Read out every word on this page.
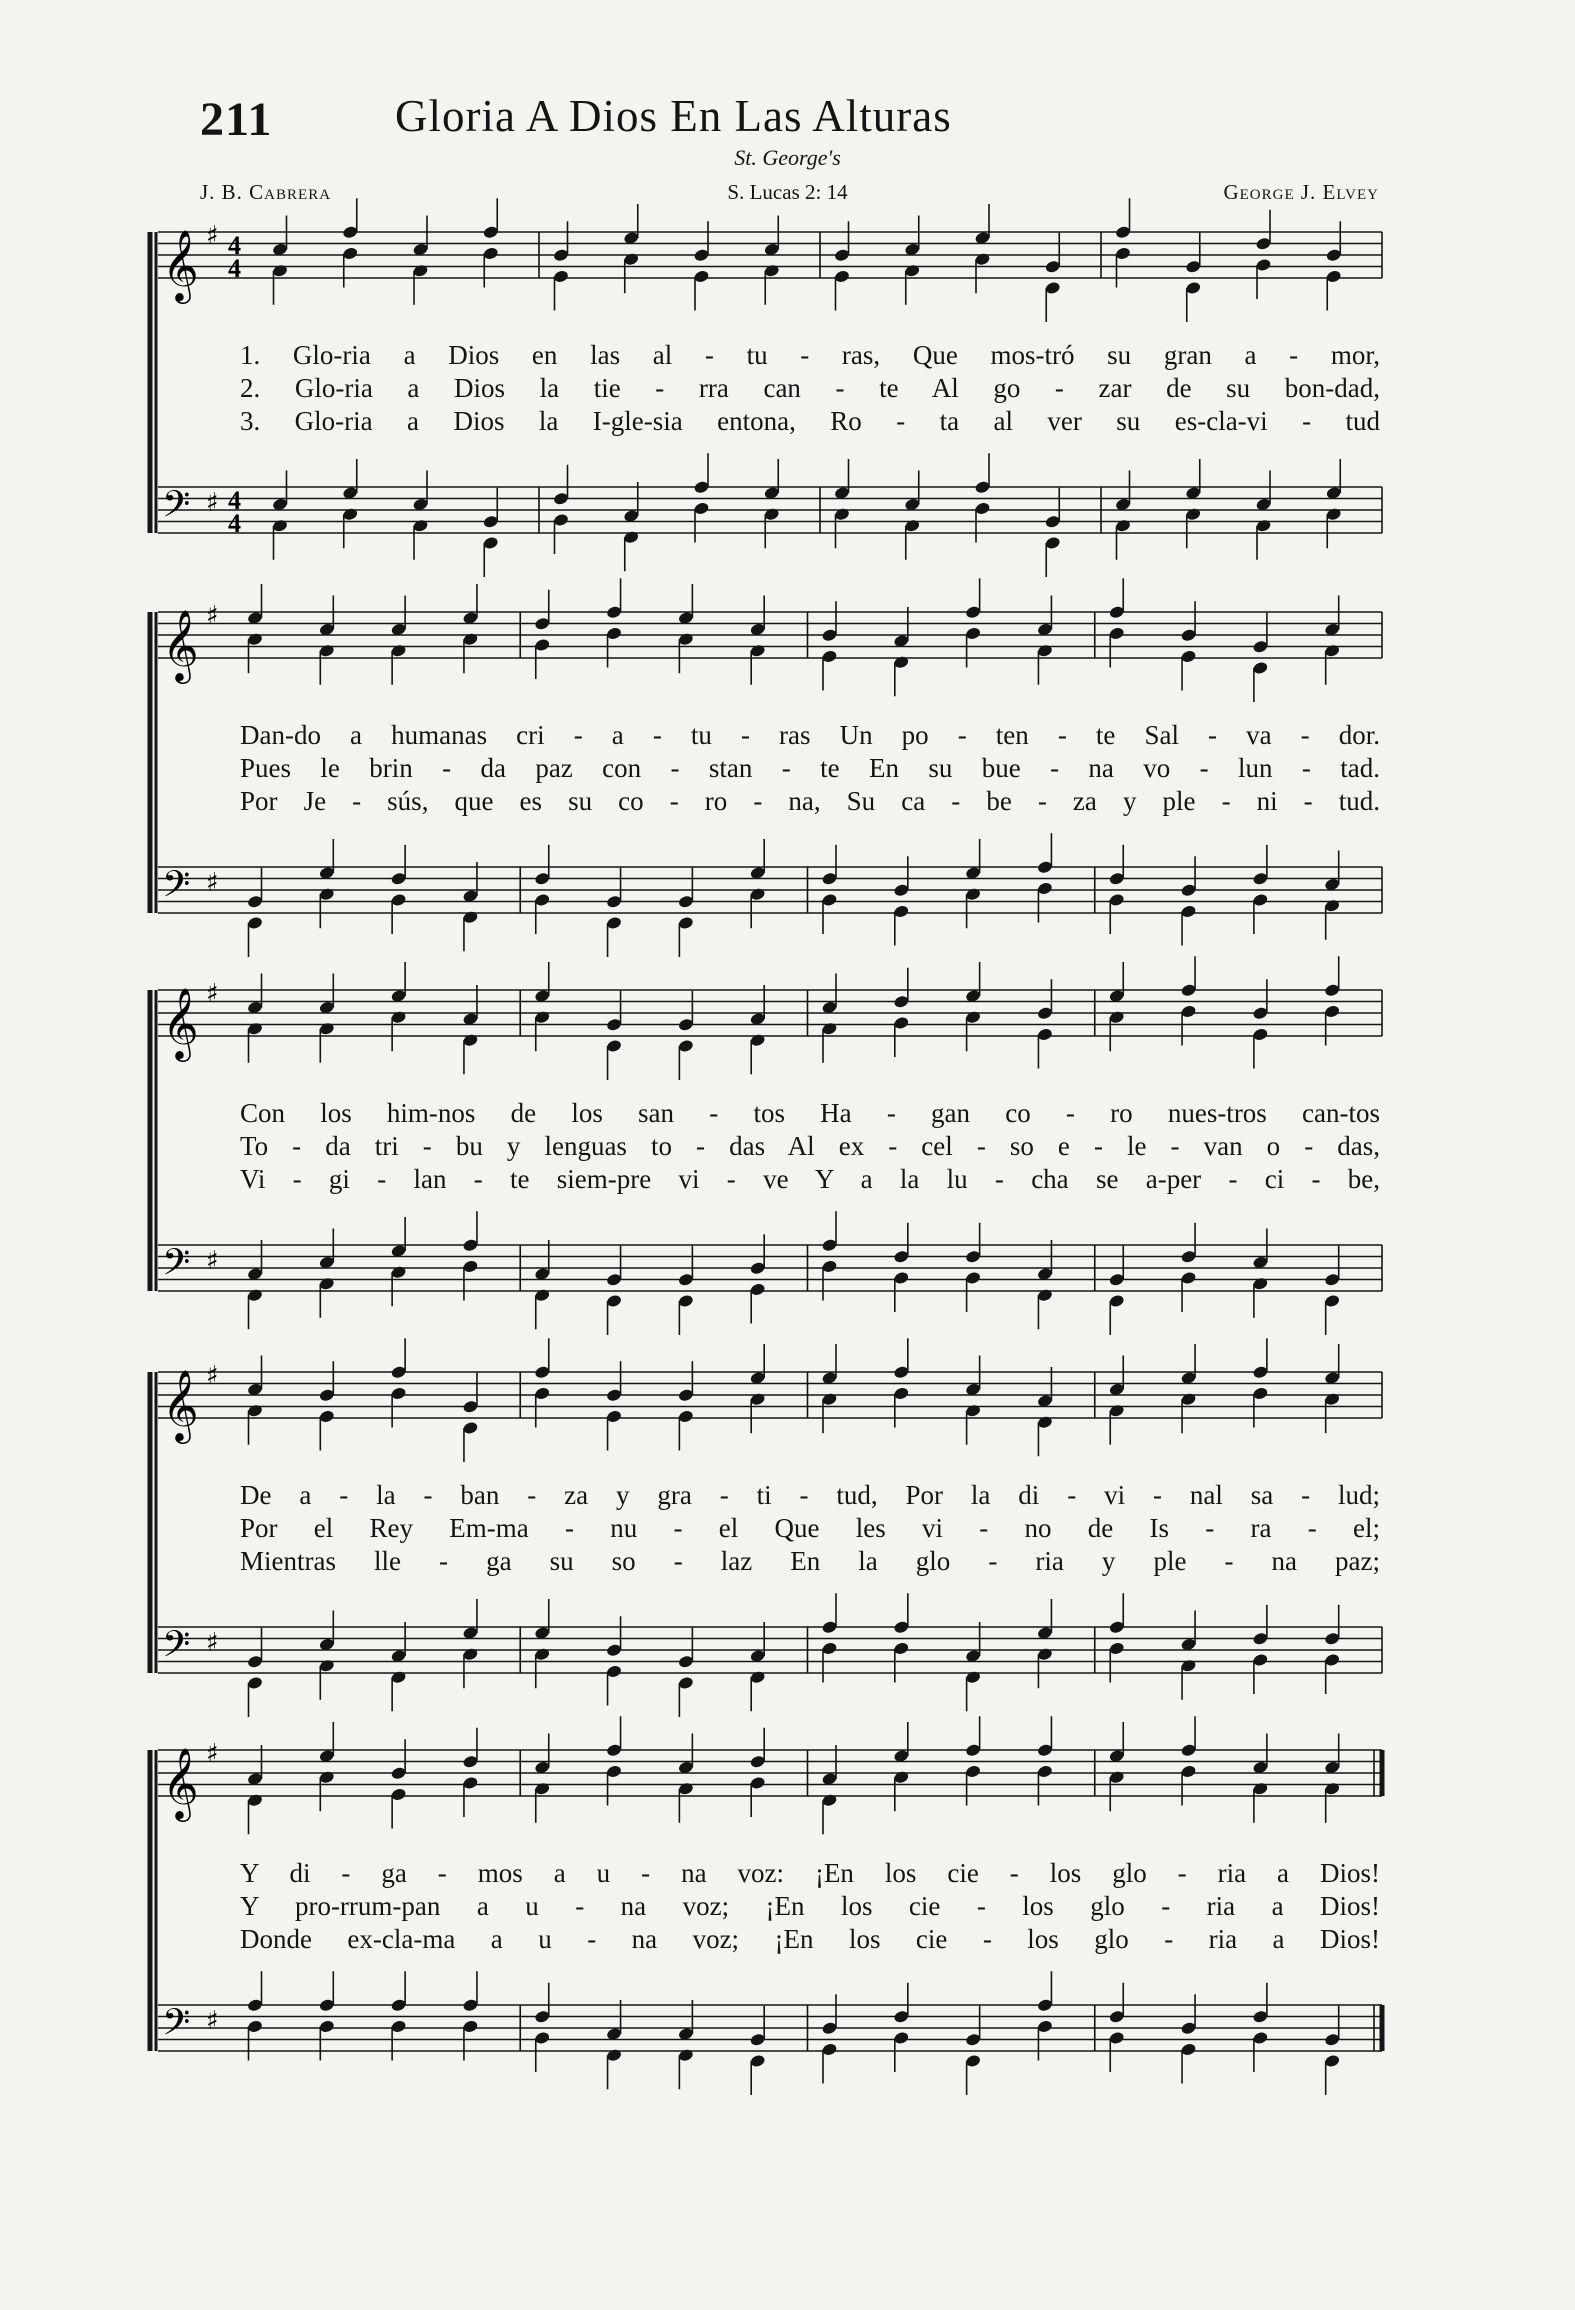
211	Gloria A Dios En Las Alturas
St. George's
J. B. Cabrera	S. Lucas 2: 14	George J. Elvey
𝄞
𝄢
♯
♯
4
4
4
4
𝄞
𝄢
♯
♯
𝄞
𝄢
♯
♯
𝄞
𝄢
♯
♯
𝄞
𝄢
♯
♯
1. Glo-ria a Dios en las al - tu - ras, Que mos-tró su gran a - mor,
2. Glo-ria a Dios la tie - rra can - te Al go - zar de su bon-dad,
3. Glo-ria a Dios la I-gle-sia entona, Ro - ta al ver su es-cla-vi - tud
Dan-do a humanas cri - a - tu - ras Un po - ten - te Sal - va - dor.
Pues le brin - da paz con - stan - te En su bue - na vo - lun - tad.
Por Je - sús, que es su co - ro - na, Su ca - be - za y ple - ni - tud.
Con los him-nos de los san - tos Ha - gan co - ro nues-tros can-tos
To - da tri - bu y lenguas to - das Al ex - cel - so e - le - van o - das,
Vi - gi - lan - te siem-pre vi - ve Y a la lu - cha se a-per - ci - be,
De a - la - ban - za y gra - ti - tud, Por la di - vi - nal sa - lud;
Por el Rey Em-ma - nu - el Que les vi - no de Is - ra - el;
Mientras lle - ga su so - laz En la glo - ria y ple - na paz;
Y di - ga - mos a u - na voz: ¡En los cie - los glo - ria a Dios!
Y pro-rrum-pan a u - na voz; ¡En los cie - los glo - ria a Dios!
Donde ex-cla-ma a u - na voz; ¡En los cie - los glo - ria a Dios!
